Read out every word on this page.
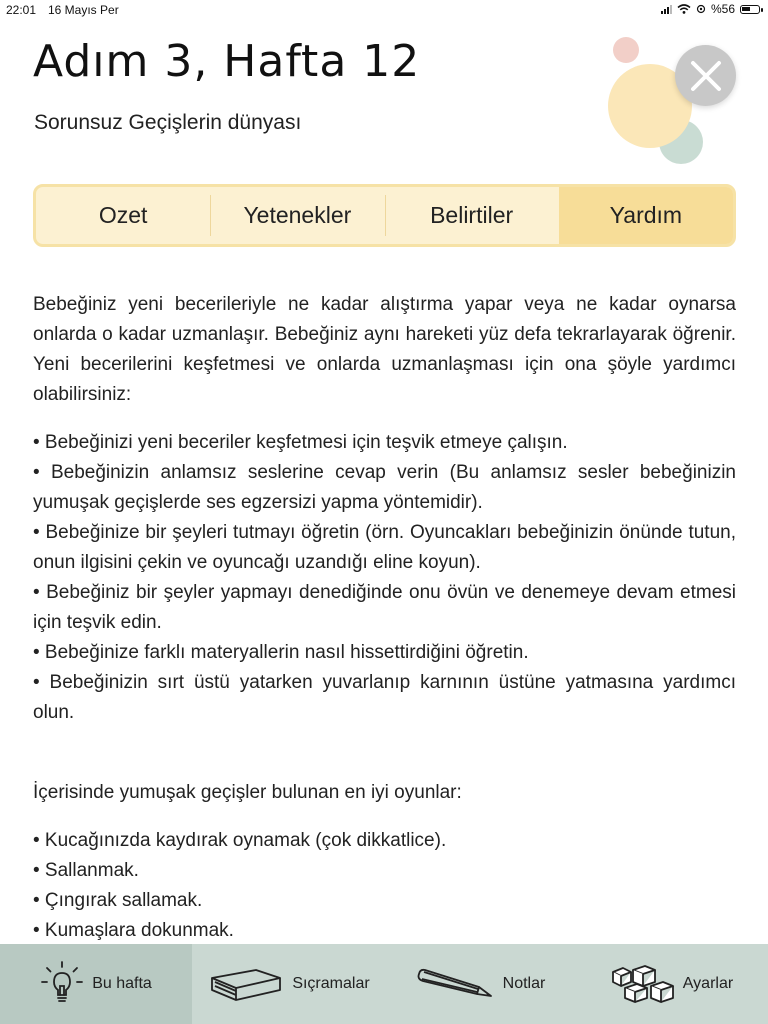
22:01 16 Mayıs Per	%56
Adım 3, Hafta 12
Sorunsuz Geçişlerin dünyası
Ozet	Yetenekler	Belirtiler	Yardım

Bebeğiniz yeni becerileriyle ne kadar alıştırma yapar veya ne kadar oynarsa onlarda o kadar uzmanlaşır. Bebeğiniz aynı hareketi yüz defa tekrarlayarak öğrenir. Yeni becerilerini keşfetmesi ve onlarda uzmanlaşması için ona şöyle yardımcı olabilirsiniz:

• Bebeğinizi yeni beceriler keşfetmesi için teşvik etmeye çalışın.

• Bebeğinizin anlamsız seslerine cevap verin (Bu anlamsız sesler bebeğinizin yumuşak geçişlerde ses egzersizi yapma yöntemidir).

• Bebeğinize bir şeyleri tutmayı öğretin (örn. Oyuncakları bebeğinizin önünde tutun, onun ilgisini çekin ve oyuncağı uzandığı eline koyun).

• Bebeğiniz bir şeyler yapmayı denediğinde onu övün ve denemeye devam etmesi için teşvik edin.

• Bebeğinize farklı materyallerin nasıl hissettirdiğini öğretin.

• Bebeğinizin sırt üstü yatarken yuvarlanıp karnının üstüne yatmasına yardımcı olun.

İçerisinde yumuşak geçişler bulunan en iyi oyunlar:

• Kucağınızda kaydırak oynamak (çok dikkatlice).

• Sallanmak.

• Çıngırak sallamak.

• Kumaşlara dokunmak.

Bu hafta	Sıçramalar	Notlar	Ayarlar
